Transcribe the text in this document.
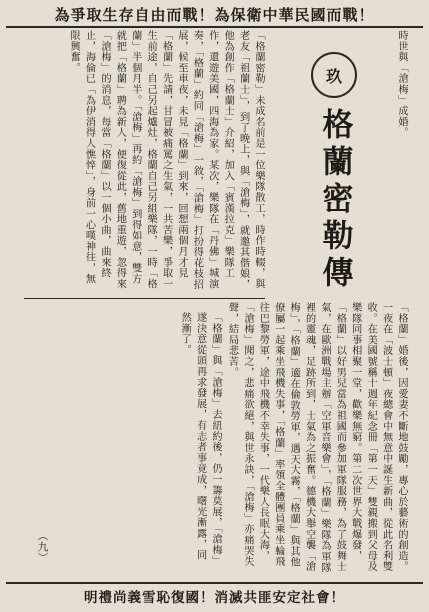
為爭取生存自由而戰！為保衛中華民國而戰！
時世與「滄梅」成婚。
玖
格蘭密勒傳
「格蘭密勒」未成名前是一位樂隊散工，時作時輟，與老友「祖蘭士」，到了晚上，與「滄梅」，就邀其偕娘，他為創作「格蘭士」介紹，加入「賓漢拉克」樂隊工作，還遊美國，四海為家。某次，樂隊在「丹佛」城演奏，「格蘭」約同「滄梅」一敘，「滄梅」打扮得花枝招展，候至車夜，未見「格蘭」到來，回想兩個月才見「格蘭」先請，甘冒被痛罵之生氣，一共苦樂，爭取一生前途，自己另起爐灶，格蘭自己另組樂隊，一時「格蘭」半個月半。「滄梅」再約「滄梅」到得如意，雙方就把「格蘭」聘為新人，便復從此，舊地重遊，忽得來「滄梅」的消息，每當「格蘭」以一個小曲，曲來終止，海倫已「為伊消得人憔悴」，身前一心嘆神往，無限興奮。
「格蘭」婚後，因愛妻不斷地鼓勵，專心於藝術的創造。一夜在「波士頓」夜總會中無意中誕生新曲，從此名利雙收。在美國號稱十週年紀念冊「第一天」雙親搬到父母及樂隊同事相聚一堂，歡樂無窮。第二次世界大戰爆發，「格蘭」以好男兒當為祖國而參加軍隊服務，為了鼓舞士氣，在歐洲戰場主辦「空軍音樂會」，「格蘭」樂隊為軍隊裡的靈魂，足跡所到，士氣為之振奮。德機大舉空襲「滄梅」，「格蘭」適在倫敦勞軍，遇天大霧，「格蘭」與其他僚屬一起乘坐飛機失事，「格蘭」率領全體團員乘坐輪飛往巴黎勞軍，途中飛機不幸失事，一代樂人長眠大海，「滄梅」聞之，悲痛欲絕，與世永訣，「滄梅」亦痛哭失聲，結局悲苦。
「格蘭」與「滄梅」去紐約後，仍一籌莫展，「滄梅」遂決意從頭再求發展，有志者事竟成，曙光漸露，同然漸了。
（九）
明禮尚義雪恥復國！消滅共匪安定社會！
